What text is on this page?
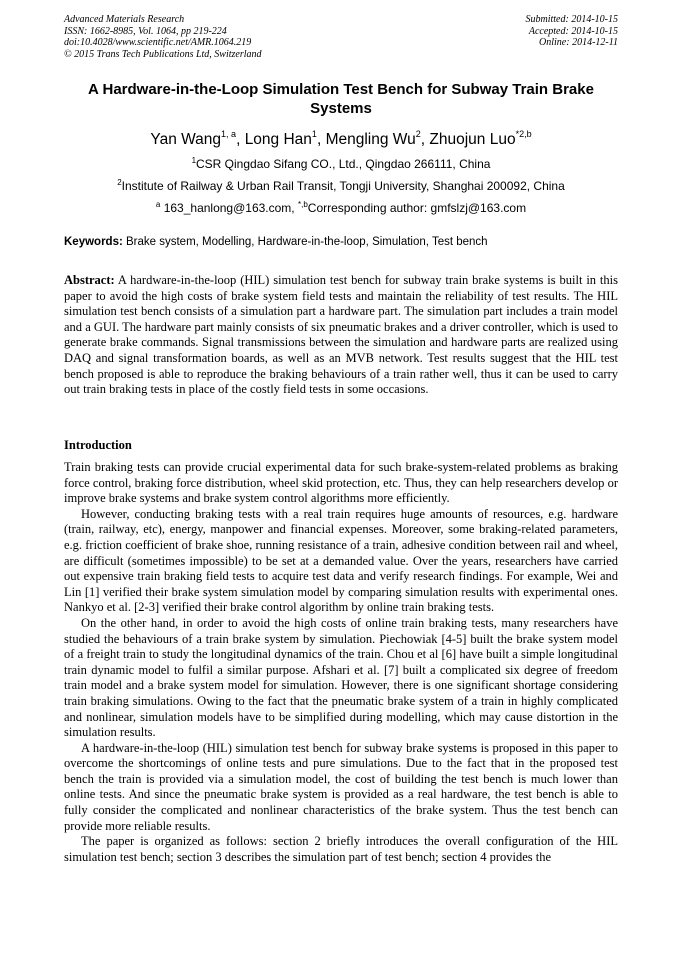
Advanced Materials Research
ISSN: 1662-8985, Vol. 1064, pp 219-224
doi:10.4028/www.scientific.net/AMR.1064.219
© 2015 Trans Tech Publications Ltd, Switzerland
Submitted: 2014-10-15
Accepted: 2014-10-15
Online: 2014-12-11
A Hardware-in-the-Loop Simulation Test Bench for Subway Train Brake Systems
Yan Wang$^{1, a}$, Long Han$^1$, Mengling Wu$^2$, Zhuojun Luo$^{*2,b}$
$^1$CSR Qingdao Sifang CO., Ltd., Qingdao 266111, China
$^2$Institute of Railway & Urban Rail Transit, Tongji University, Shanghai 200092, China
$^a$ 163_hanlong@163.com, $^{*,b}$Corresponding author: gmfslzj@163.com
Keywords: Brake system, Modelling, Hardware-in-the-loop, Simulation, Test bench
Abstract: A hardware-in-the-loop (HIL) simulation test bench for subway train brake systems is built in this paper to avoid the high costs of brake system field tests and maintain the reliability of test results. The HIL simulation test bench consists of a simulation part a hardware part. The simulation part includes a train model and a GUI. The hardware part mainly consists of six pneumatic brakes and a driver controller, which is used to generate brake commands. Signal transmissions between the simulation and hardware parts are realized using DAQ and signal transformation boards, as well as an MVB network. Test results suggest that the HIL test bench proposed is able to reproduce the braking behaviours of a train rather well, thus it can be used to carry out train braking tests in place of the costly field tests in some occasions.
Introduction

Train braking tests can provide crucial experimental data for such brake-system-related problems as braking force control, braking force distribution, wheel skid protection, etc. Thus, they can help researchers develop or improve brake systems and brake system control algorithms more efficiently.

However, conducting braking tests with a real train requires huge amounts of resources, e.g. hardware (train, railway, etc), energy, manpower and financial expenses. Moreover, some braking-related parameters, e.g. friction coefficient of brake shoe, running resistance of a train, adhesive condition between rail and wheel, are difficult (sometimes impossible) to be set at a demanded value. Over the years, researchers have carried out expensive train braking field tests to acquire test data and verify research findings. For example, Wei and Lin [1] verified their brake system simulation model by comparing simulation results with experimental ones. Nankyo et al. [2-3] verified their brake control algorithm by online train braking tests.

On the other hand, in order to avoid the high costs of online train braking tests, many researchers have studied the behaviours of a train brake system by simulation. Piechowiak [4-5] built the brake system model of a freight train to study the longitudinal dynamics of the train. Chou et al [6] have built a simple longitudinal train dynamic model to fulfil a similar purpose. Afshari et al. [7] built a complicated six degree of freedom train model and a brake system model for simulation. However, there is one significant shortage considering train braking simulations. Owing to the fact that the pneumatic brake system of a train in highly complicated and nonlinear, simulation models have to be simplified during modelling, which may cause distortion in the simulation results.

A hardware-in-the-loop (HIL) simulation test bench for subway brake systems is proposed in this paper to overcome the shortcomings of online tests and pure simulations. Due to the fact that in the proposed test bench the train is provided via a simulation model, the cost of building the test bench is much lower than online tests. And since the pneumatic brake system is provided as a real hardware, the test bench is able to fully consider the complicated and nonlinear characteristics of the brake system. Thus the test bench can provide more reliable results.

The paper is organized as follows: section 2 briefly introduces the overall configuration of the HIL simulation test bench; section 3 describes the simulation part of test bench; section 4 provides the
